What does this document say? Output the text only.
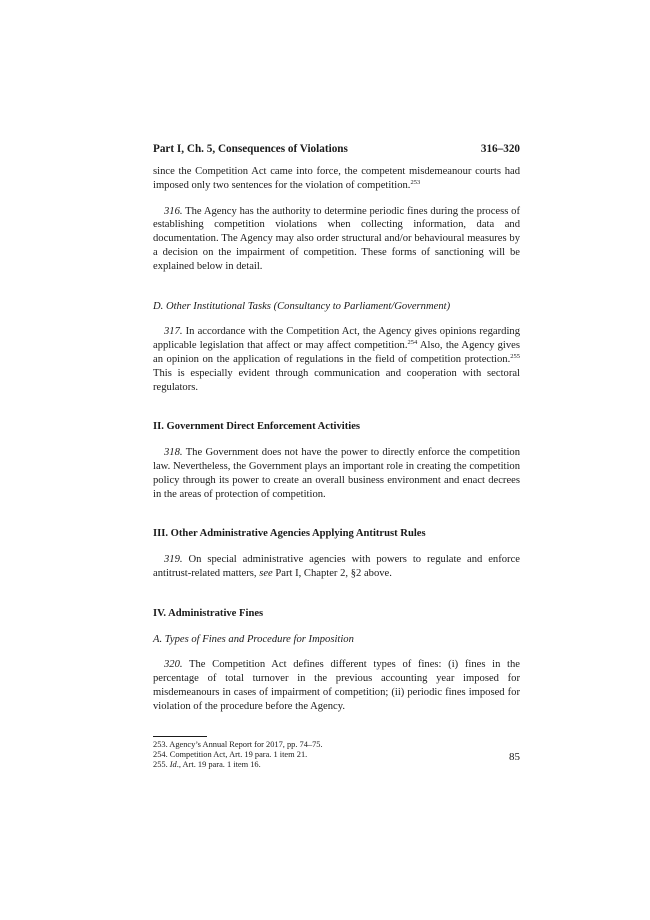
Part I, Ch. 5, Consequences of Violations	316–320

since the Competition Act came into force, the competent misdemeanour courts had imposed only two sentences for the violation of competition.$^{253}$

316. The Agency has the authority to determine periodic fines during the process of establishing competition violations when collecting information, data and documentation. The Agency may also order structural and/or behavioural measures by a decision on the impairment of competition. These forms of sanctioning will be explained below in detail.

D. Other Institutional Tasks (Consultancy to Parliament/Government)

317. In accordance with the Competition Act, the Agency gives opinions regarding applicable legislation that affect or may affect competition.$^{254}$ Also, the Agency gives an opinion on the application of regulations in the field of competition protection.$^{255}$ This is especially evident through communication and cooperation with sectoral regulators.

II. Government Direct Enforcement Activities

318. The Government does not have the power to directly enforce the competition law. Nevertheless, the Government plays an important role in creating the competition policy through its power to create an overall business environment and enact decrees in the areas of protection of competition.

III. Other Administrative Agencies Applying Antitrust Rules

319. On special administrative agencies with powers to regulate and enforce antitrust-related matters, see Part I, Chapter 2, §2 above.

IV. Administrative Fines
A. Types of Fines and Procedure for Imposition

320. The Competition Act defines different types of fines: (i) fines in the percentage of total turnover in the previous accounting year imposed for misdemeanours in cases of impairment of competition; (ii) periodic fines imposed for violation of the procedure before the Agency.

253. Agency’s Annual Report for 2017, pp. 74–75.
254. Competition Act, Art. 19 para. 1 item 21.
255. Id., Art. 19 para. 1 item 16.
85
